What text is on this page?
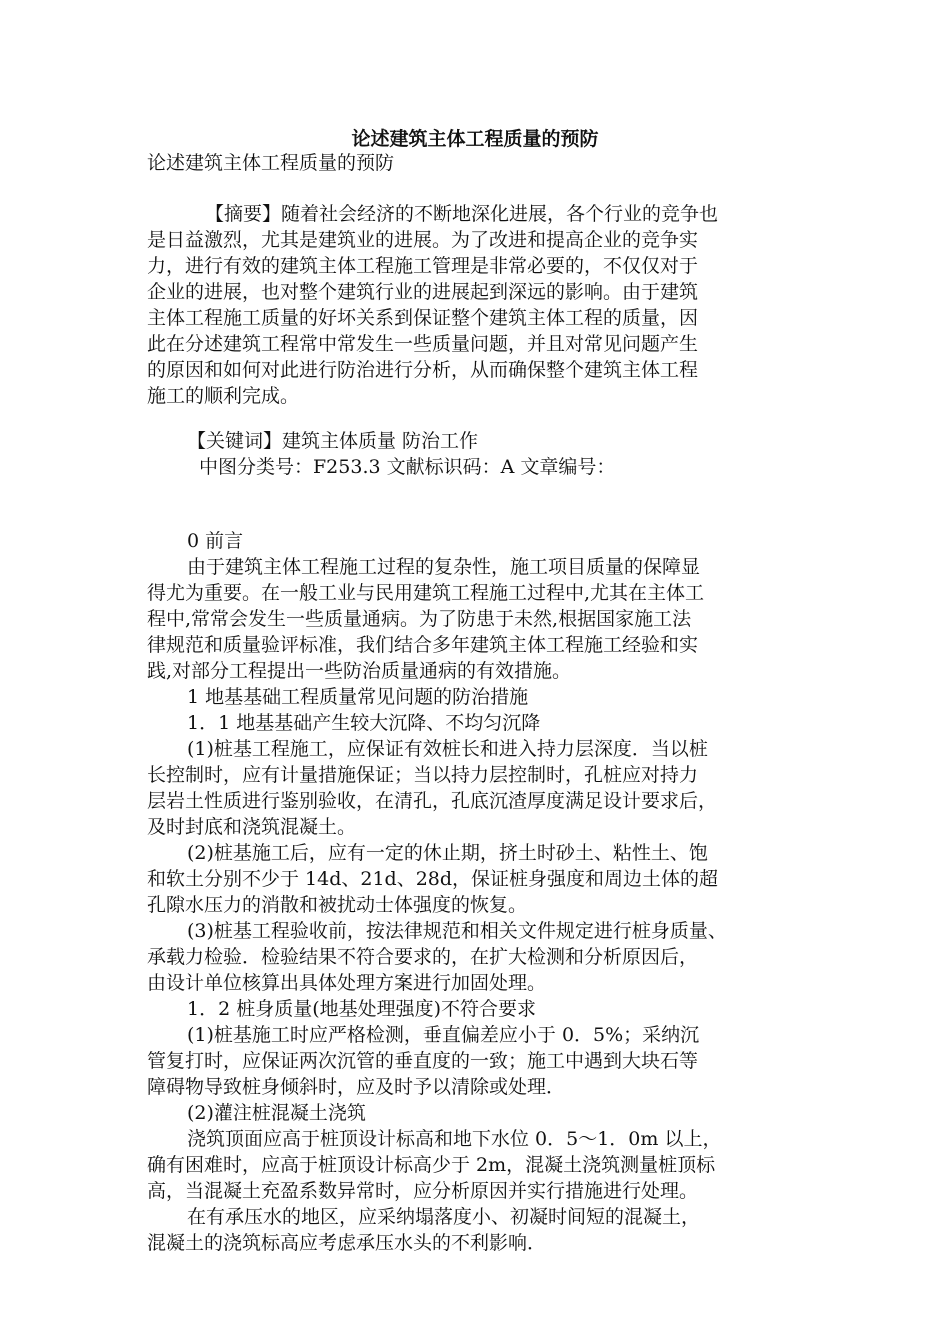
论述建筑主体工程质量的预防
论述建筑主体工程质量的预防
【摘要】随着社会经济的不断地深化进展，各个行业的竞争也
是日益激烈，尤其是建筑业的进展。为了改进和提高企业的竞争实
力，进行有效的建筑主体工程施工管理是非常必要的，不仅仅对于
企业的进展，也对整个建筑行业的进展起到深远的影响。由于建筑
主体工程施工质量的好坏关系到保证整个建筑主体工程的质量，因
此在分述建筑工程常中常发生一些质量问题，并且对常见问题产生
的原因和如何对此进行防治进行分析，从而确保整个建筑主体工程
施工的顺利完成。
【关键词】建筑主体质量 防治工作
中图分类号：F253.3 文献标识码：A 文章编号：
0 前言
由于建筑主体工程施工过程的复杂性，施工项目质量的保障显
得尤为重要。在一般工业与民用建筑工程施工过程中,尤其在主体工
程中,常常会发生一些质量通病。为了防患于未然,根据国家施工法
律规范和质量验评标准，我们结合多年建筑主体工程施工经验和实
践,对部分工程提出一些防治质量通病的有效措施。
1 地基基础工程质量常见问题的防治措施
1．1 地基基础产生较大沉降、不均匀沉降
(1)桩基工程施工，应保证有效桩长和进入持力层深度．当以桩
长控制时，应有计量措施保证；当以持力层控制时，孔桩应对持力
层岩土性质进行鉴别验收，在清孔，孔底沉渣厚度满足设计要求后，
及时封底和浇筑混凝土。
(2)桩基施工后，应有一定的休止期，挤土时砂土、粘性土、饱
和软土分别不少于 14d、21d、28d，保证桩身强度和周边土体的超
孔隙水压力的消散和被扰动士体强度的恢复。
(3)桩基工程验收前，按法律规范和相关文件规定进行桩身质量、
承载力检验．检验结果不符合要求的，在扩大检测和分析原因后，
由设计单位核算出具体处理方案进行加固处理。
1．2 桩身质量(地基处理强度)不符合要求
(1)桩基施工时应严格检测，垂直偏差应小于 0．5%；采纳沉
管复打时，应保证两次沉管的垂直度的一致；施工中遇到大块石等
障碍物导致桩身倾斜时，应及时予以清除或处理．
(2)灌注桩混凝土浇筑
浇筑顶面应高于桩顶设计标高和地下水位 0．5～1．0m 以上，
确有困难时，应高于桩顶设计标高少于 2m，混凝土浇筑测量桩顶标
高，当混凝土充盈系数异常时，应分析原因并实行措施进行处理。
在有承压水的地区，应采纳塌落度小、初凝时间短的混凝土，
混凝土的浇筑标高应考虑承压水头的不利影响．
